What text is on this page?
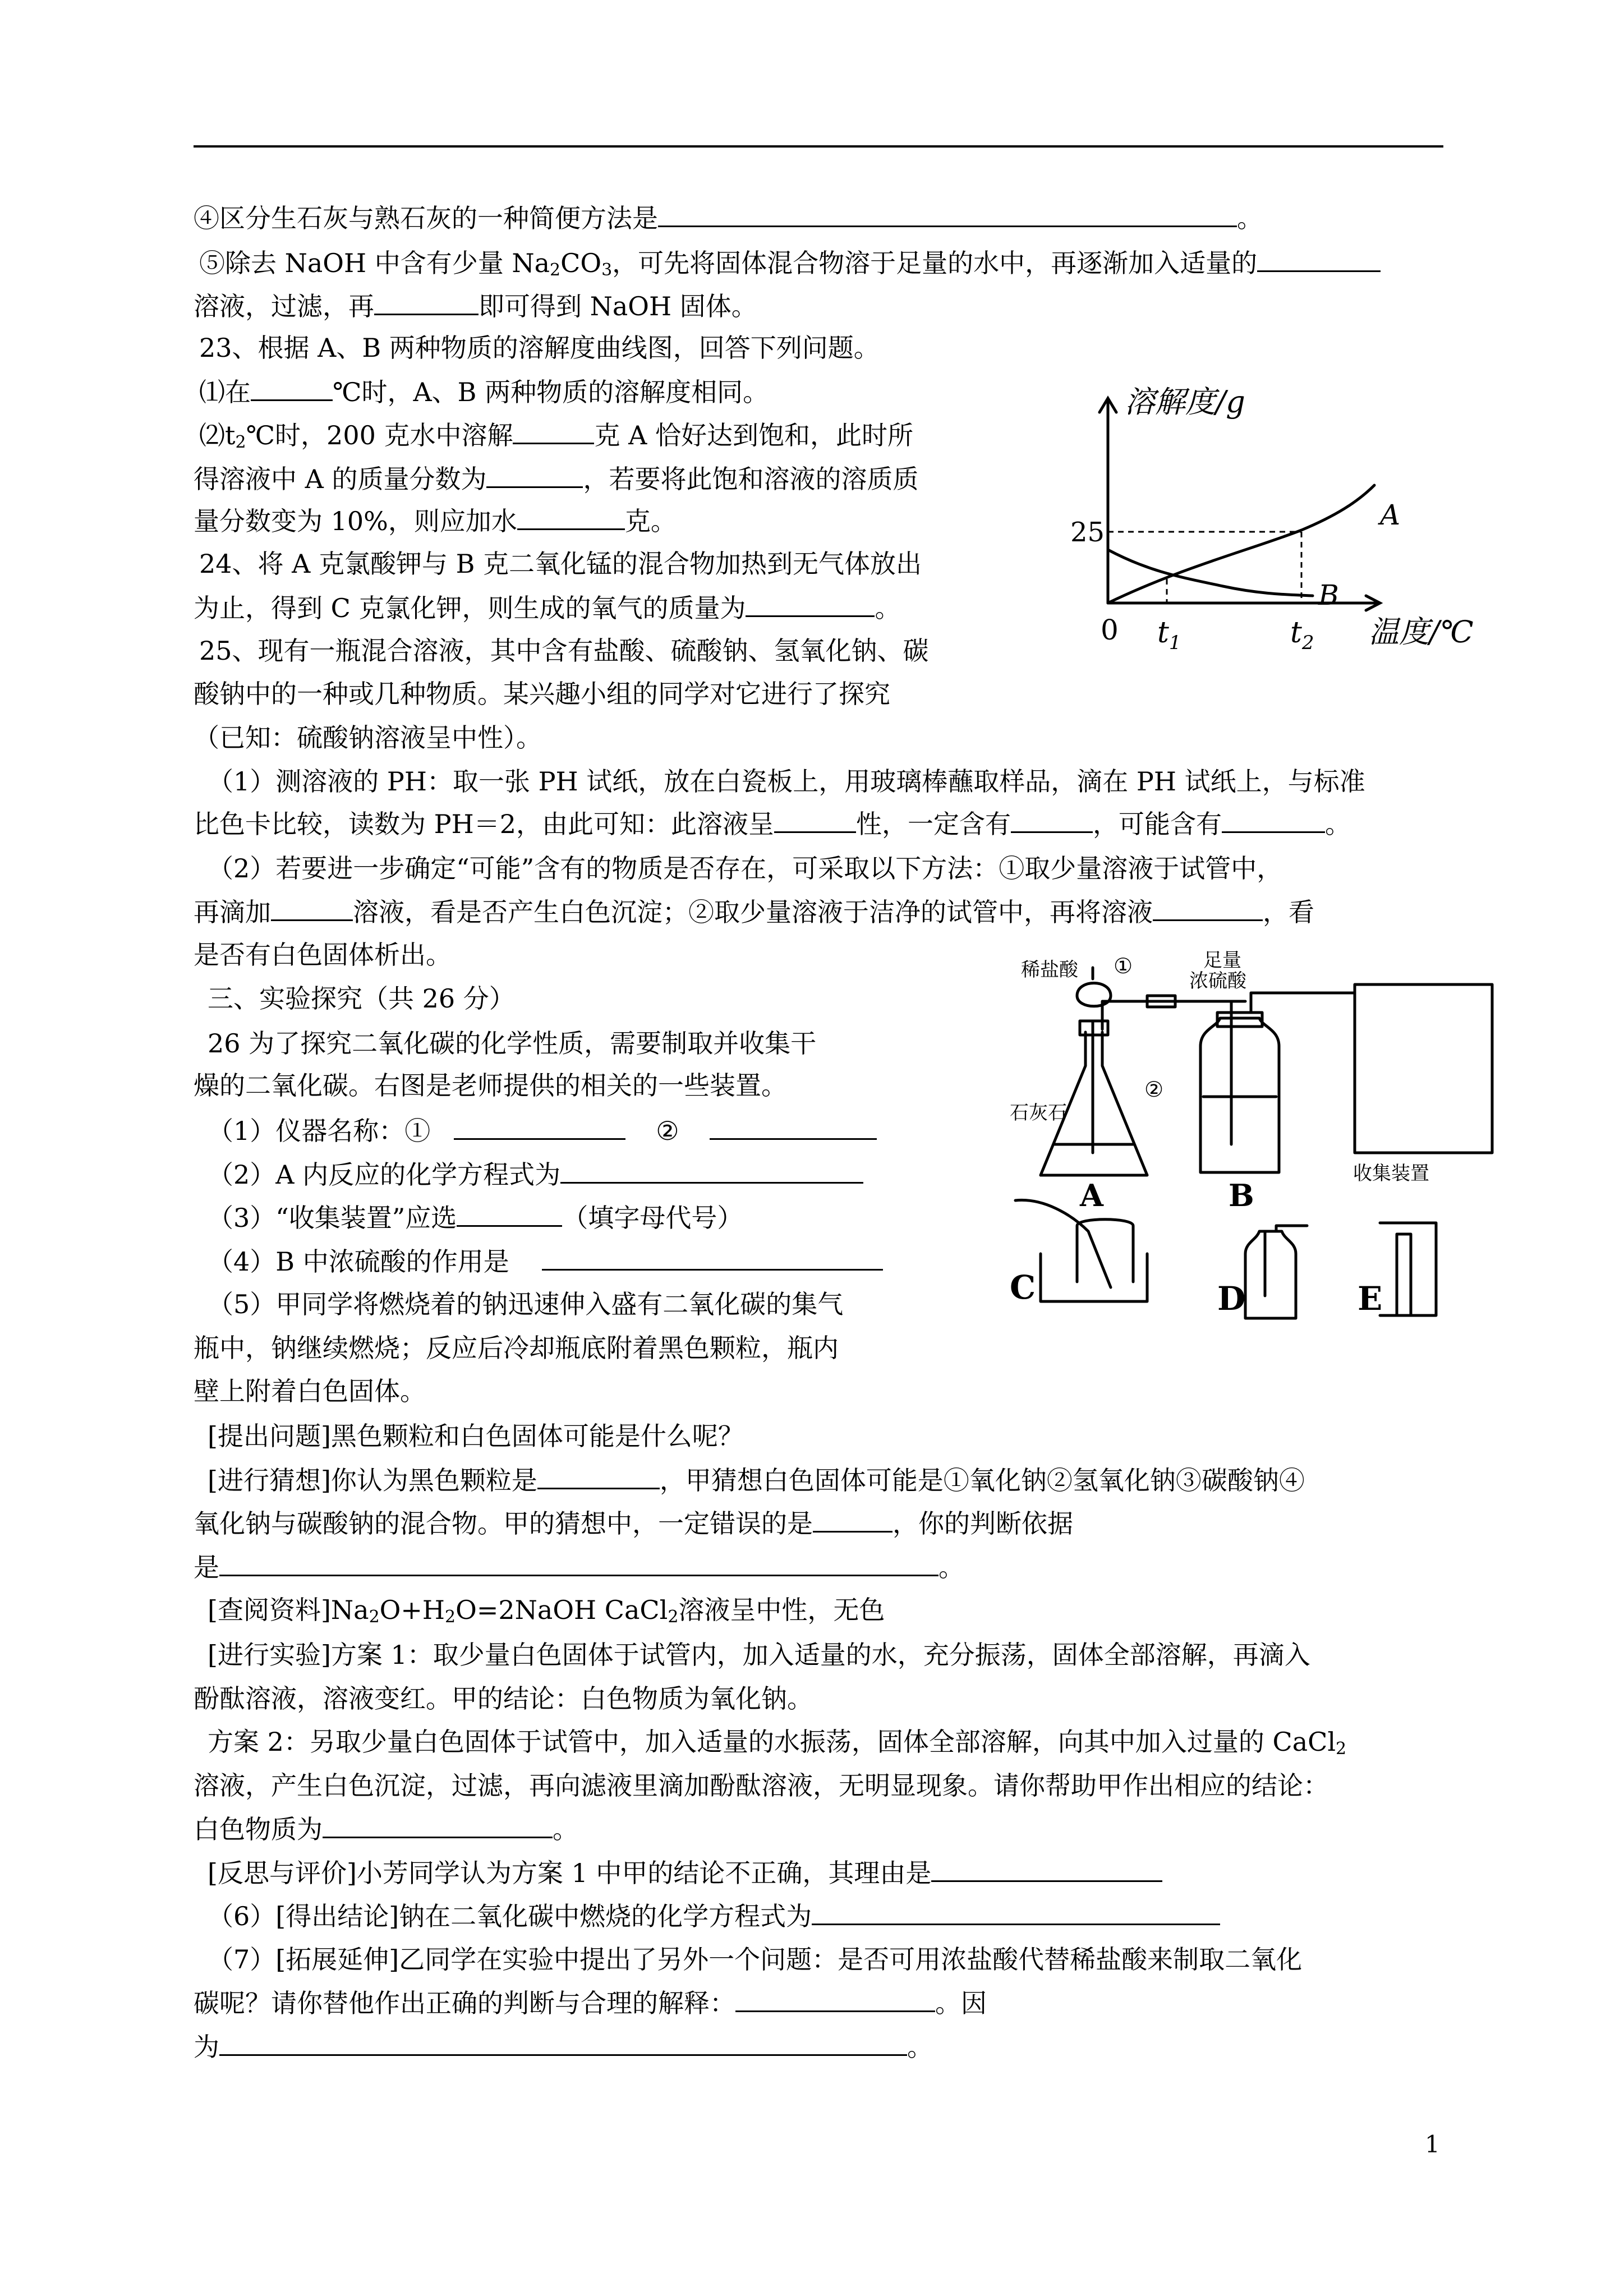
④区分生石灰与熟石灰的一种简便方法是	。
⑤除去 NaOH 中含有少量 $Na_2CO_3$，可先将固体混合物溶于足量的水中，再逐渐加入适量的
溶液，过滤，再	即可得到 NaOH 固体。
23、根据 A、B 两种物质的溶解度曲线图，回答下列问题。
⑴在	℃时，A、B 两种物质的溶解度相同。
$⑵t_2℃$时，200 克水中溶解	克 A 恰好达到饱和，此时所
得溶液中 A 的质量分数为	，若要将此饱和溶液的溶质质
量分数变为 10%，则应加水	克。
24、将 A 克氯酸钾与 B 克二氧化锰的混合物加热到无气体放出
为止，得到 C 克氯化钾，则生成的氧气的质量为	。
25、现有一瓶混合溶液，其中含有盐酸、硫酸钠、氢氧化钠、碳
酸钠中的一种或几种物质。某兴趣小组的同学对它进行了探究
（已知：硫酸钠溶液呈中性）。
（1）测溶液的 PH：取一张 PH 试纸，放在白瓷板上，用玻璃棒蘸取样品，滴在 PH 试纸上，与标准
比色卡比较，读数为 PH＝2，由此可知：此溶液呈	性，一定含有	，可能含有	。
（2）若要进一步确定“可能”含有的物质是否存在，可采取以下方法：①取少量溶液于试管中，
再滴加	溶液，看是否产生白色沉淀；②取少量溶液于洁净的试管中，再将溶液	，看
是否有白色固体析出。
三、实验探究（共 26 分）
26 为了探究二氧化碳的化学性质，需要制取并收集干
燥的二氧化碳。右图是老师提供的相关的一些装置。
（1）仪器名称：①	②
（2）A 内反应的化学方程式为
（3）“收集装置”应选	（填字母代号）
（4）B 中浓硫酸的作用是
（5）甲同学将燃烧着的钠迅速伸入盛有二氧化碳的集气
瓶中，钠继续燃烧；反应后冷却瓶底附着黑色颗粒，瓶内
壁上附着白色固体。
[提出问题]黑色颗粒和白色固体可能是什么呢？
[进行猜想]你认为黑色颗粒是	，甲猜想白色固体可能是①氧化钠②氢氧化钠③碳酸钠④
氧化钠与碳酸钠的混合物。甲的猜想中，一定错误的是	，你的判断依据
是	。
[查阅资料]$Na_2O+H_2O=2NaOH$ CaCl$_2$溶液呈中性，无色
[进行实验]方案 1：取少量白色固体于试管内，加入适量的水，充分振荡，固体全部溶解，再滴入
酚酞溶液，溶液变红。甲的结论：白色物质为氧化钠。
方案 2：另取少量白色固体于试管中，加入适量的水振荡，固体全部溶解，向其中加入过量的 CaCl$_2$
溶液，产生白色沉淀，过滤，再向滤液里滴加酚酞溶液，无明显现象。请你帮助甲作出相应的结论：
白色物质为	。
[反思与评价]小芳同学认为方案 1 中甲的结论不正确，其理由是
（6）[得出结论]钠在二氧化碳中燃烧的化学方程式为
（7）[拓展延伸]乙同学在实验中提出了另外一个问题：是否可用浓盐酸代替稀盐酸来制取二氧化
碳呢？请你替他作出正确的判断与合理的解释：	。因
为	。
1
溶解度/g
温度/℃
0
25
$t_1$	$t_2$
A
B
稀盐酸	足量
浓硫酸
石灰石
收集装置
①
②
A	B
C	D	E
